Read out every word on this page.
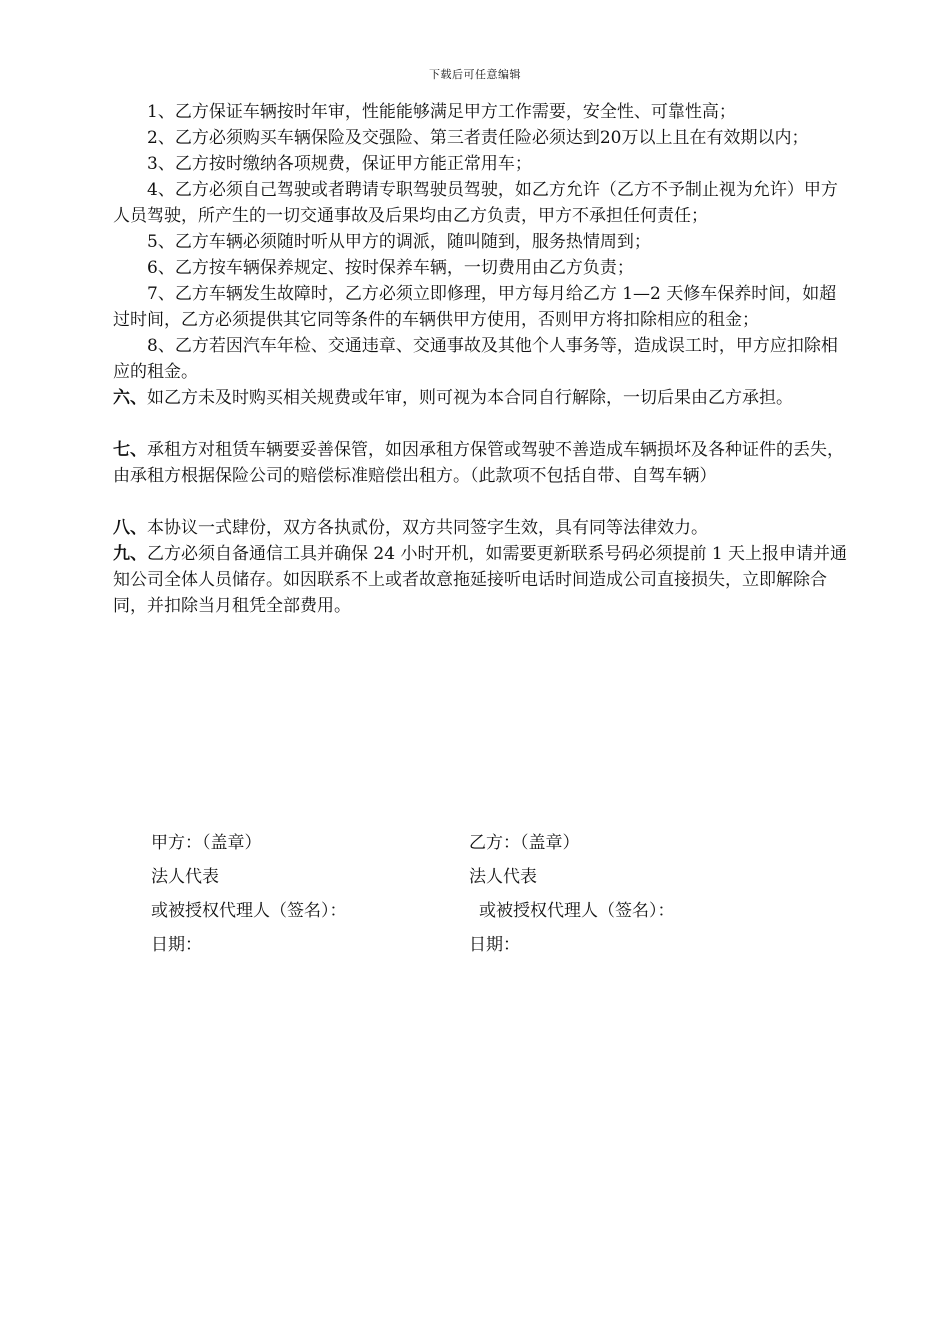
下载后可任意编辑

1、乙方保证车辆按时年审，性能能够满足甲方工作需要，安全性、可靠性高；

2、乙方必须购买车辆保险及交强险、第三者责任险必须达到20万以上且在有效期以内；

3、乙方按时缴纳各项规费，保证甲方能正常用车；

4、乙方必须自己驾驶或者聘请专职驾驶员驾驶，如乙方允许（乙方不予制止视为允许）甲方人员驾驶，所产生的一切交通事故及后果均由乙方负责，甲方不承担任何责任；

5、乙方车辆必须随时听从甲方的调派，随叫随到，服务热情周到；

6、乙方按车辆保养规定、按时保养车辆，一切费用由乙方负责；

7、乙方车辆发生故障时，乙方必须立即修理，甲方每月给乙方 1—2 天修车保养时间，如超过时间，乙方必须提供其它同等条件的车辆供甲方使用，否则甲方将扣除相应的租金；

8、乙方若因汽车年检、交通违章、交通事故及其他个人事务等，造成误工时，甲方应扣除相应的租金。

六、如乙方未及时购买相关规费或年审，则可视为本合同自行解除，一切后果由乙方承担。

七、承租方对租赁车辆要妥善保管，如因承租方保管或驾驶不善造成车辆损坏及各种证件的丢失，由承租方根据保险公司的赔偿标准赔偿出租方。（此款项不包括自带、自驾车辆）

八、本协议一式肆份，双方各执贰份，双方共同签字生效，具有同等法律效力。

九、乙方必须自备通信工具并确保 24 小时开机，如需要更新联系号码必须提前 1 天上报申请并通知公司全体人员储存。如因联系不上或者故意拖延接听电话时间造成公司直接损失，立即解除合同，并扣除当月租凭全部费用。

甲方：（盖章）	乙方：（盖章）
法人代表	法人代表
或被授权代理人（签名）：	或被授权代理人（签名）：
日期：	日期：
